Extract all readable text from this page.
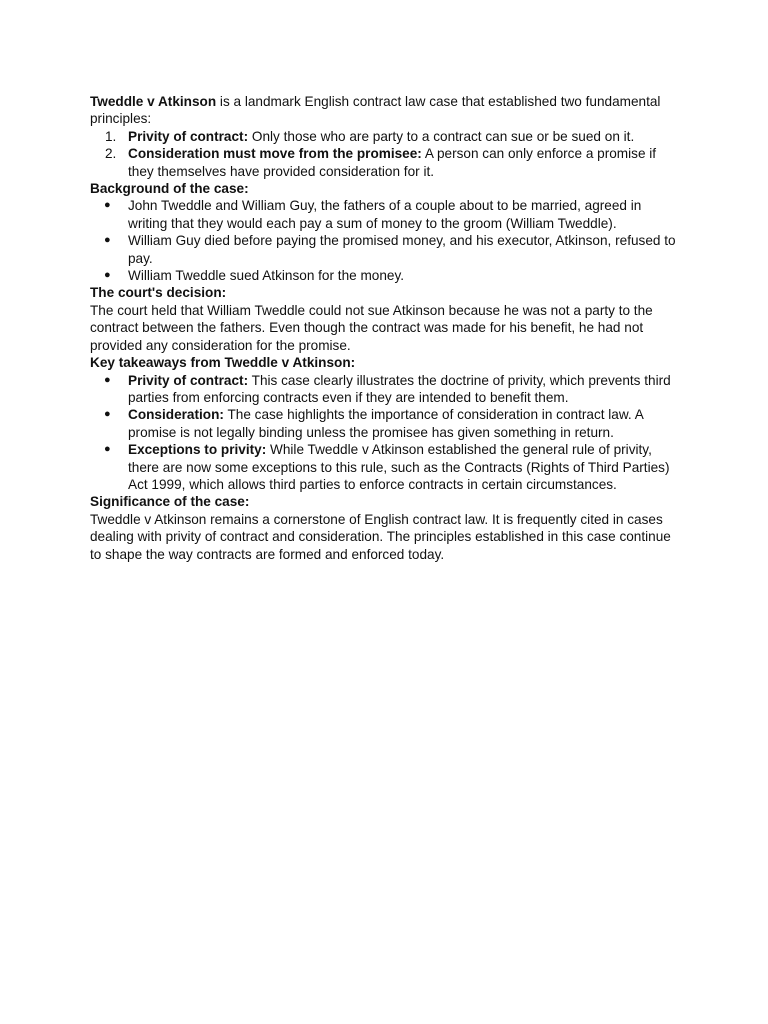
Tweddle v Atkinson is a landmark English contract law case that established two fundamental principles:

1. Privity of contract: Only those who are party to a contract can sue or be sued on it.
2. Consideration must move from the promisee: A person can only enforce a promise if they themselves have provided consideration for it.

Background of the case:

● John Tweddle and William Guy, the fathers of a couple about to be married, agreed in writing that they would each pay a sum of money to the groom (William Tweddle).
● William Guy died before paying the promised money, and his executor, Atkinson, refused to pay.
● William Tweddle sued Atkinson for the money.

The court's decision:

The court held that William Tweddle could not sue Atkinson because he was not a party to the contract between the fathers. Even though the contract was made for his benefit, he had not provided any consideration for the promise.

Key takeaways from Tweddle v Atkinson:

● Privity of contract: This case clearly illustrates the doctrine of privity, which prevents third parties from enforcing contracts even if they are intended to benefit them.
● Consideration: The case highlights the importance of consideration in contract law. A promise is not legally binding unless the promisee has given something in return.
● Exceptions to privity: While Tweddle v Atkinson established the general rule of privity, there are now some exceptions to this rule, such as the Contracts (Rights of Third Parties) Act 1999, which allows third parties to enforce contracts in certain circumstances.

Significance of the case:

Tweddle v Atkinson remains a cornerstone of English contract law. It is frequently cited in cases dealing with privity of contract and consideration. The principles established in this case continue to shape the way contracts are formed and enforced today.
